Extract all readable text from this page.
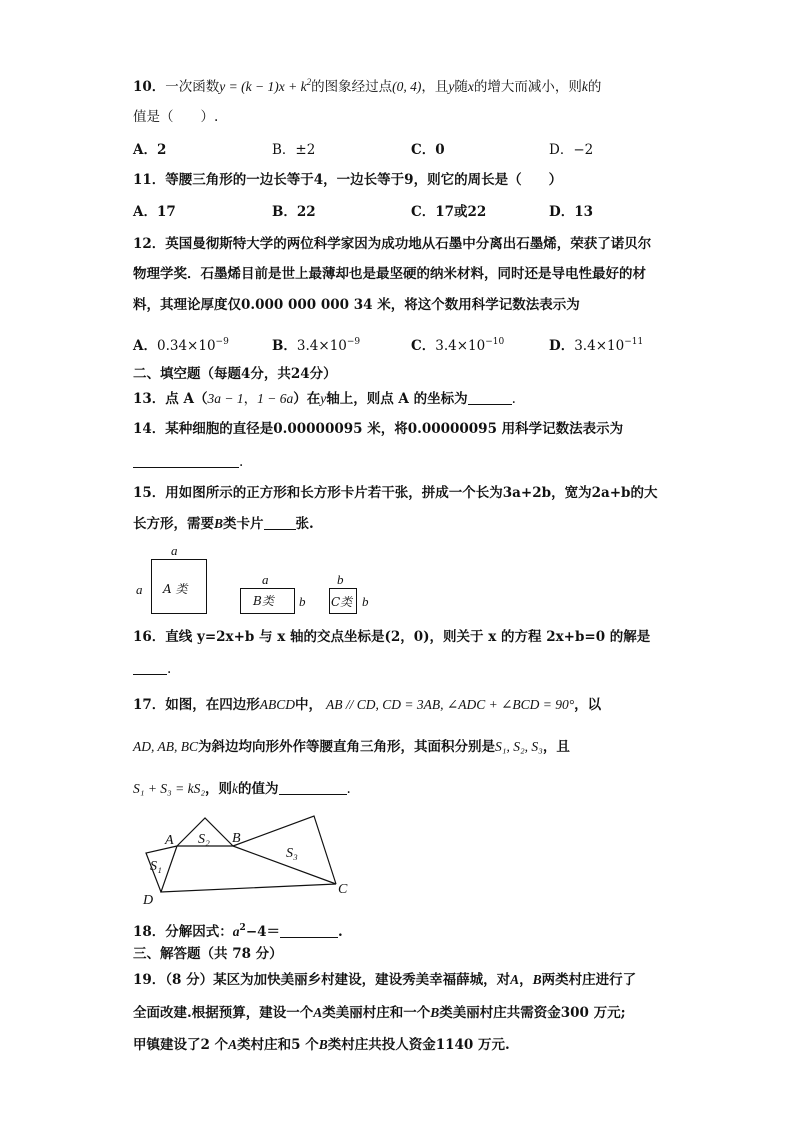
10．一次函数$y = (k - 1)x + k^2$的图象经过点(0, 4)，且y随x的增大而减小，则k的
值是（　　）.
A．2	B．±2	C．0	D．−2
11．等腰三角形的一边长等于4，一边长等于9，则它的周长是（　　）
A．17	B．22	C．17或22	D．13
12．英国曼彻斯特大学的两位科学家因为成功地从石墨中分离出石墨烯，荣获了诺贝尔
物理学奖．石墨烯目前是世上最薄却也是最坚硬的纳米材料，同时还是导电性最好的材
料，其理论厚度仅0.000 000 000 34 米，将这个数用科学记数法表示为
A．$0.34\times 10^{-9}$	B．$3.4\times 10^{-9}$	C．$3.4\times 10^{-10}$	D．$3.4\times 10^{-11}$
二、填空题（每题4分，共24分）
13．点 A（3a − 1，1 − 6a）在y轴上，则点 A 的坐标为	.
14．某种细胞的直径是0.00000095 米，将0.00000095 用科学记数法表示为
.
15．用如图所示的正方形和长方形卡片若干张，拼成一个长为3a+2b，宽为2a+b的大
长方形，需要B类卡片 张.
a
a A 类
a
B类 b
b
C类 b
16．直线 y=2x+b 与 x 轴的交点坐标是(2，0)，则关于 x 的方程 2x+b=0 的解是
.
17．如图，在四边形ABCD中， AB // CD, CD = 3AB, ∠ADC + ∠BCD = 90°，以
AD, AB, BC为斜边均向形外作等腰直角三角形，其面积分别是S₁, S₂, S₃，且
S₁ + S₃ = kS₂，则k的值为	.
A	B
C
D
S₁
S₂
S₃
18．分解因式：$a^2-4=$	.
三、解答题（共 78 分）
19．（8 分）某区为加快美丽乡村建设，建设秀美幸福薛城，对A，B两类村庄进行了
全面改建.根据预算，建设一个A类美丽村庄和一个B类美丽村庄共需资金300 万元;
甲镇建设了2 个A类村庄和5 个B类村庄共投人资金1140 万元.
